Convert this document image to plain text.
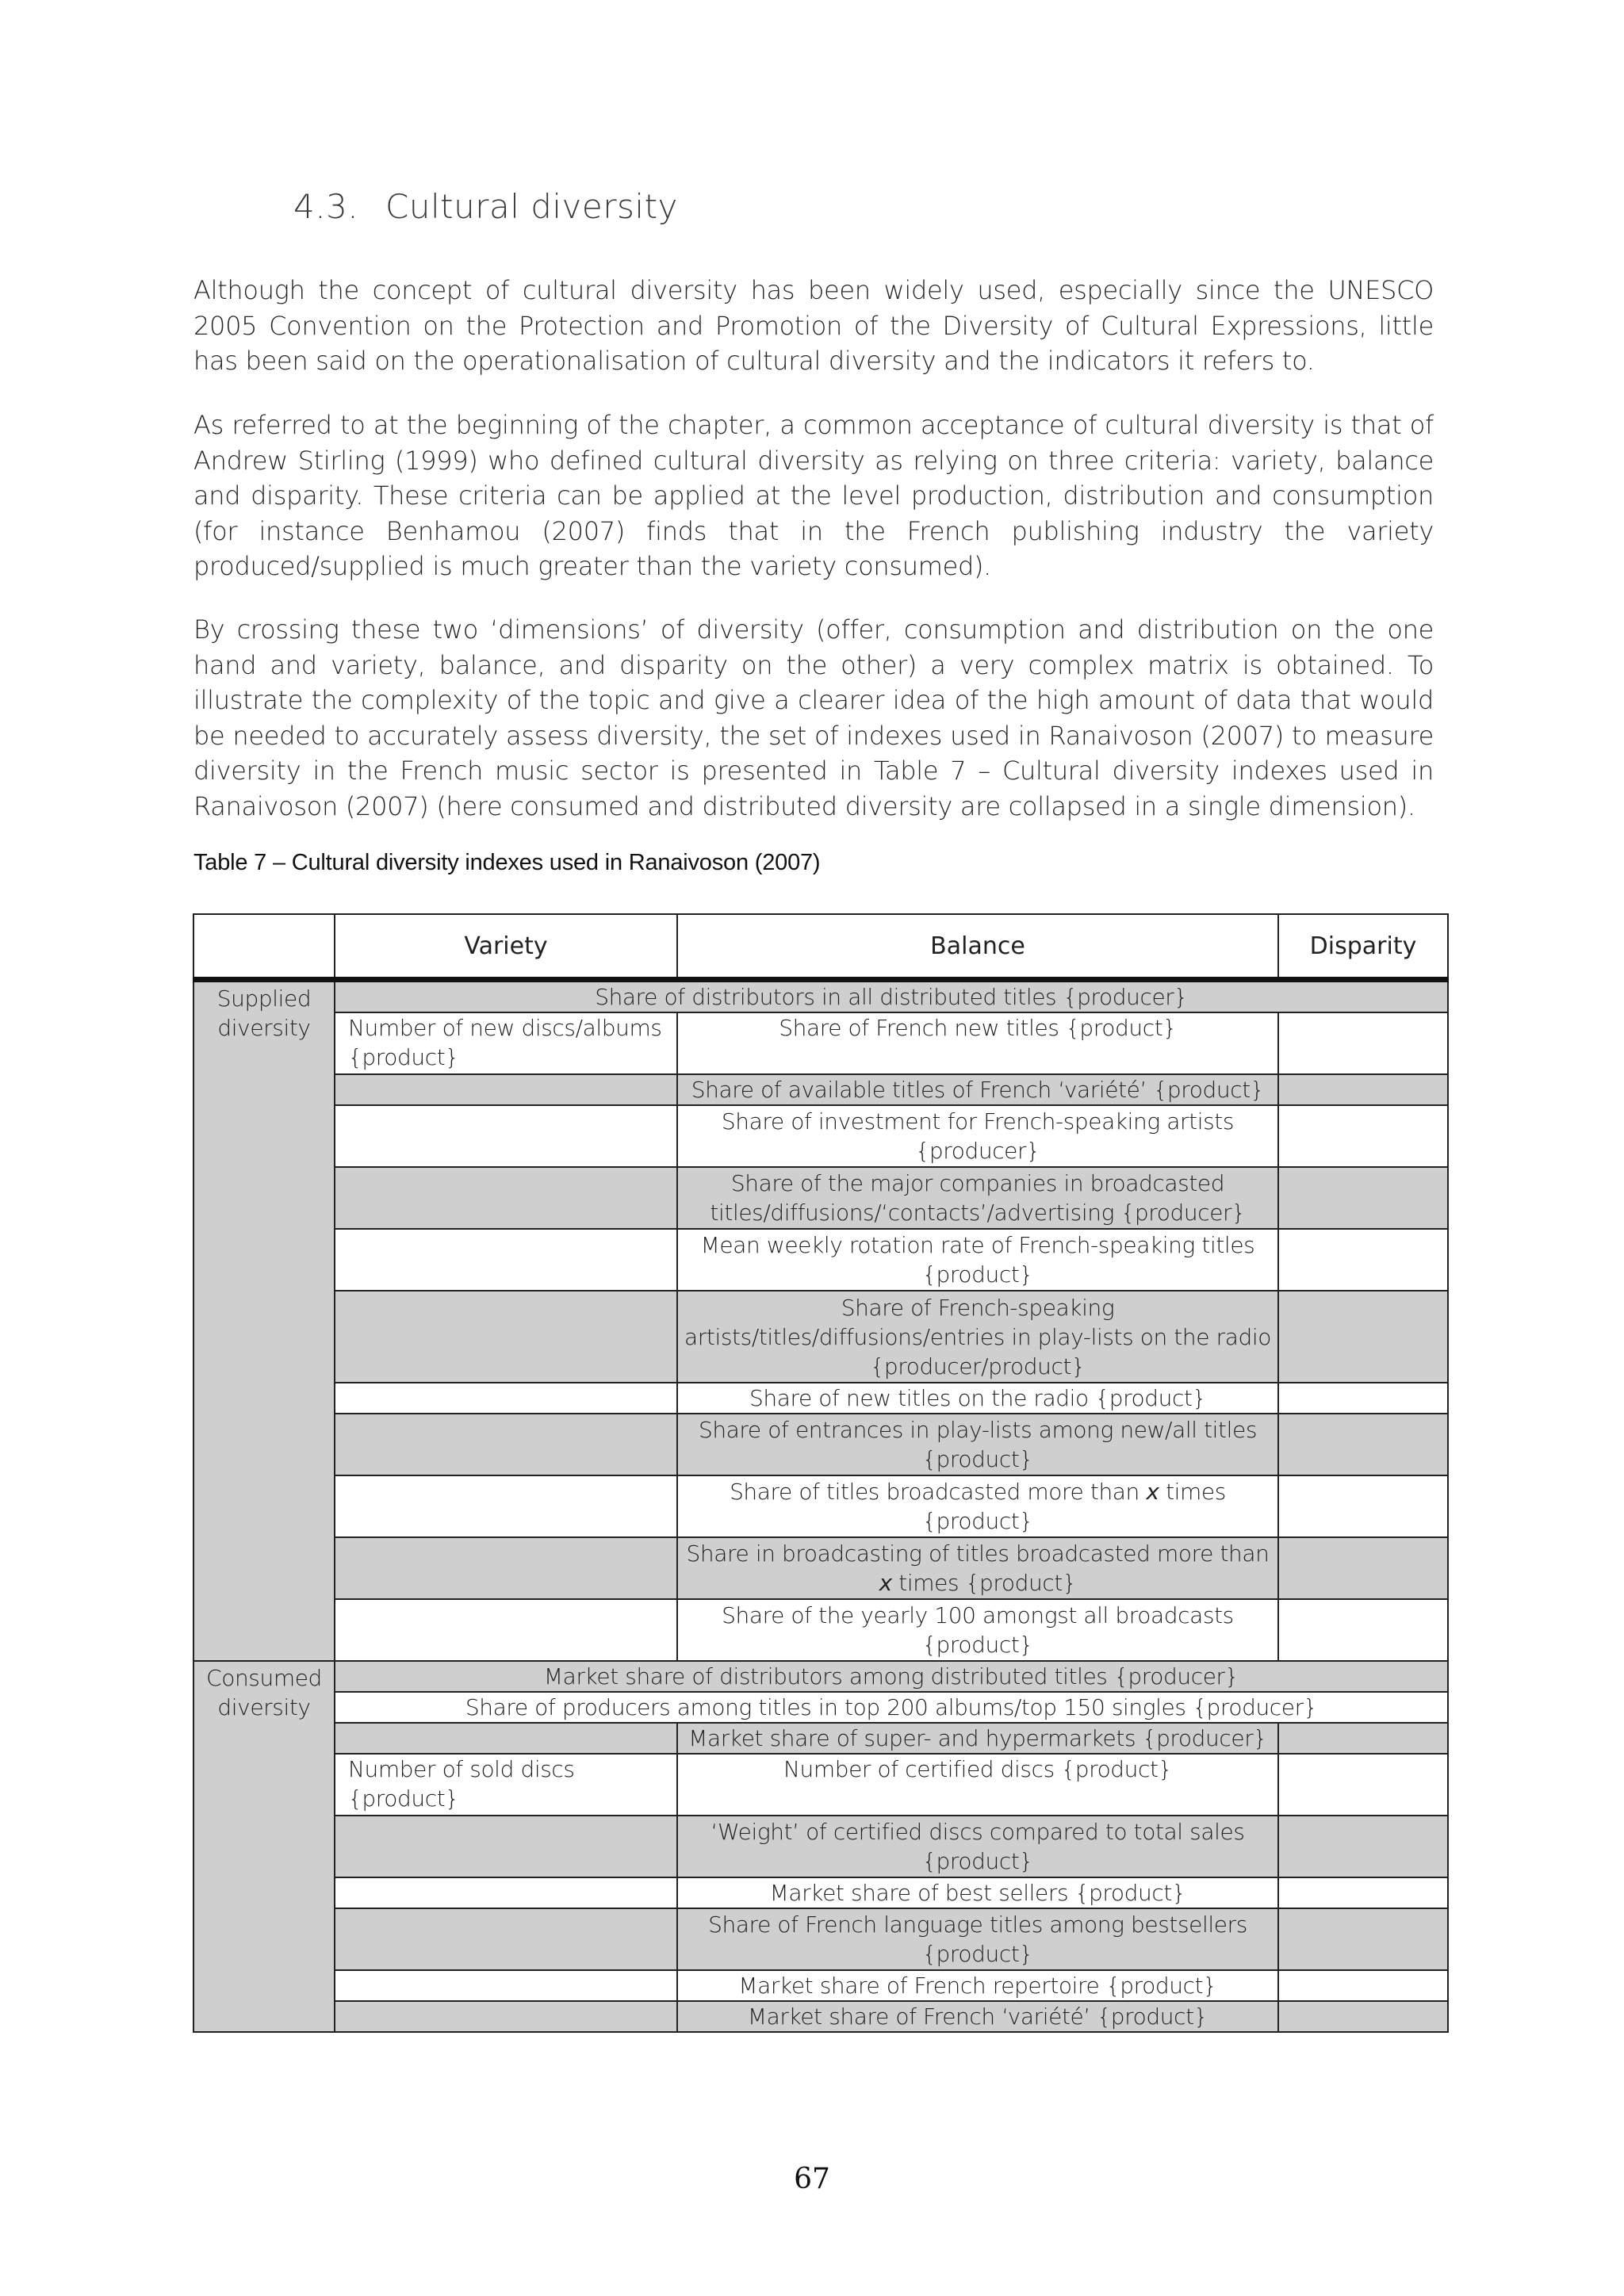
4.3. Cultural diversity
Although the concept of cultural diversity has been widely used, especially since the UNESCO 2005 Convention on the Protection and Promotion of the Diversity of Cultural Expressions, little has been said on the operationalisation of cultural diversity and the indicators it refers to.
As referred to at the beginning of the chapter, a common acceptance of cultural diversity is that of Andrew Stirling (1999) who defined cultural diversity as relying on three criteria: variety, balance and disparity. These criteria can be applied at the level production, distribution and consumption (for instance Benhamou (2007) finds that in the French publishing industry the variety produced/supplied is much greater than the variety consumed).
By crossing these two ‘dimensions’ of diversity (offer, consumption and distribution on the one hand and variety, balance, and disparity on the other) a very complex matrix is obtained. To illustrate the complexity of the topic and give a clearer idea of the high amount of data that would be needed to accurately assess diversity, the set of indexes used in Ranaivoson (2007) to measure diversity in the French music sector is presented in Table 7 – Cultural diversity indexes used in Ranaivoson (2007) (here consumed and distributed diversity are collapsed in a single dimension).
Table 7 – Cultural diversity indexes used in Ranaivoson (2007)
	Variety	Balance	Disparity

Supplied
diversity	Share of distributors in all distributed titles {producer}		
	Number of new discs/albums {product}	Share of French new titles {product}	
		Share of available titles of French ‘variété’ {product}	
		Share of investment for French-speaking artists {producer}	
		Share of the major companies in broadcasted titles/diffusions/‘contacts’/advertising {producer}	
		Mean weekly rotation rate of French-speaking titles {product}	
		Share of French-speaking artists/titles/diffusions/entries in play-lists on the radio {producer/product}	
		Share of new titles on the radio {product}	
		Share of entrances in play-lists among new/all titles {product}	
		Share of titles broadcasted more than x times {product}	
		Share in broadcasting of titles broadcasted more than x times {product}	
		Share of the yearly 100 amongst all broadcasts {product}	

Consumed
diversity	Market share of distributors among distributed titles {producer}		
	Share of producers among titles in top 200 albums/top 150 singles {producer}		
		Market share of super- and hypermarkets {producer}	
	Number of sold discs {product}	Number of certified discs {product}	
		‘Weight’ of certified discs compared to total sales {product}	
		Market share of best sellers {product}	
		Share of French language titles among bestsellers {product}	
		Market share of French repertoire {product}	
		Market share of French ‘variété’ {product}	
67
